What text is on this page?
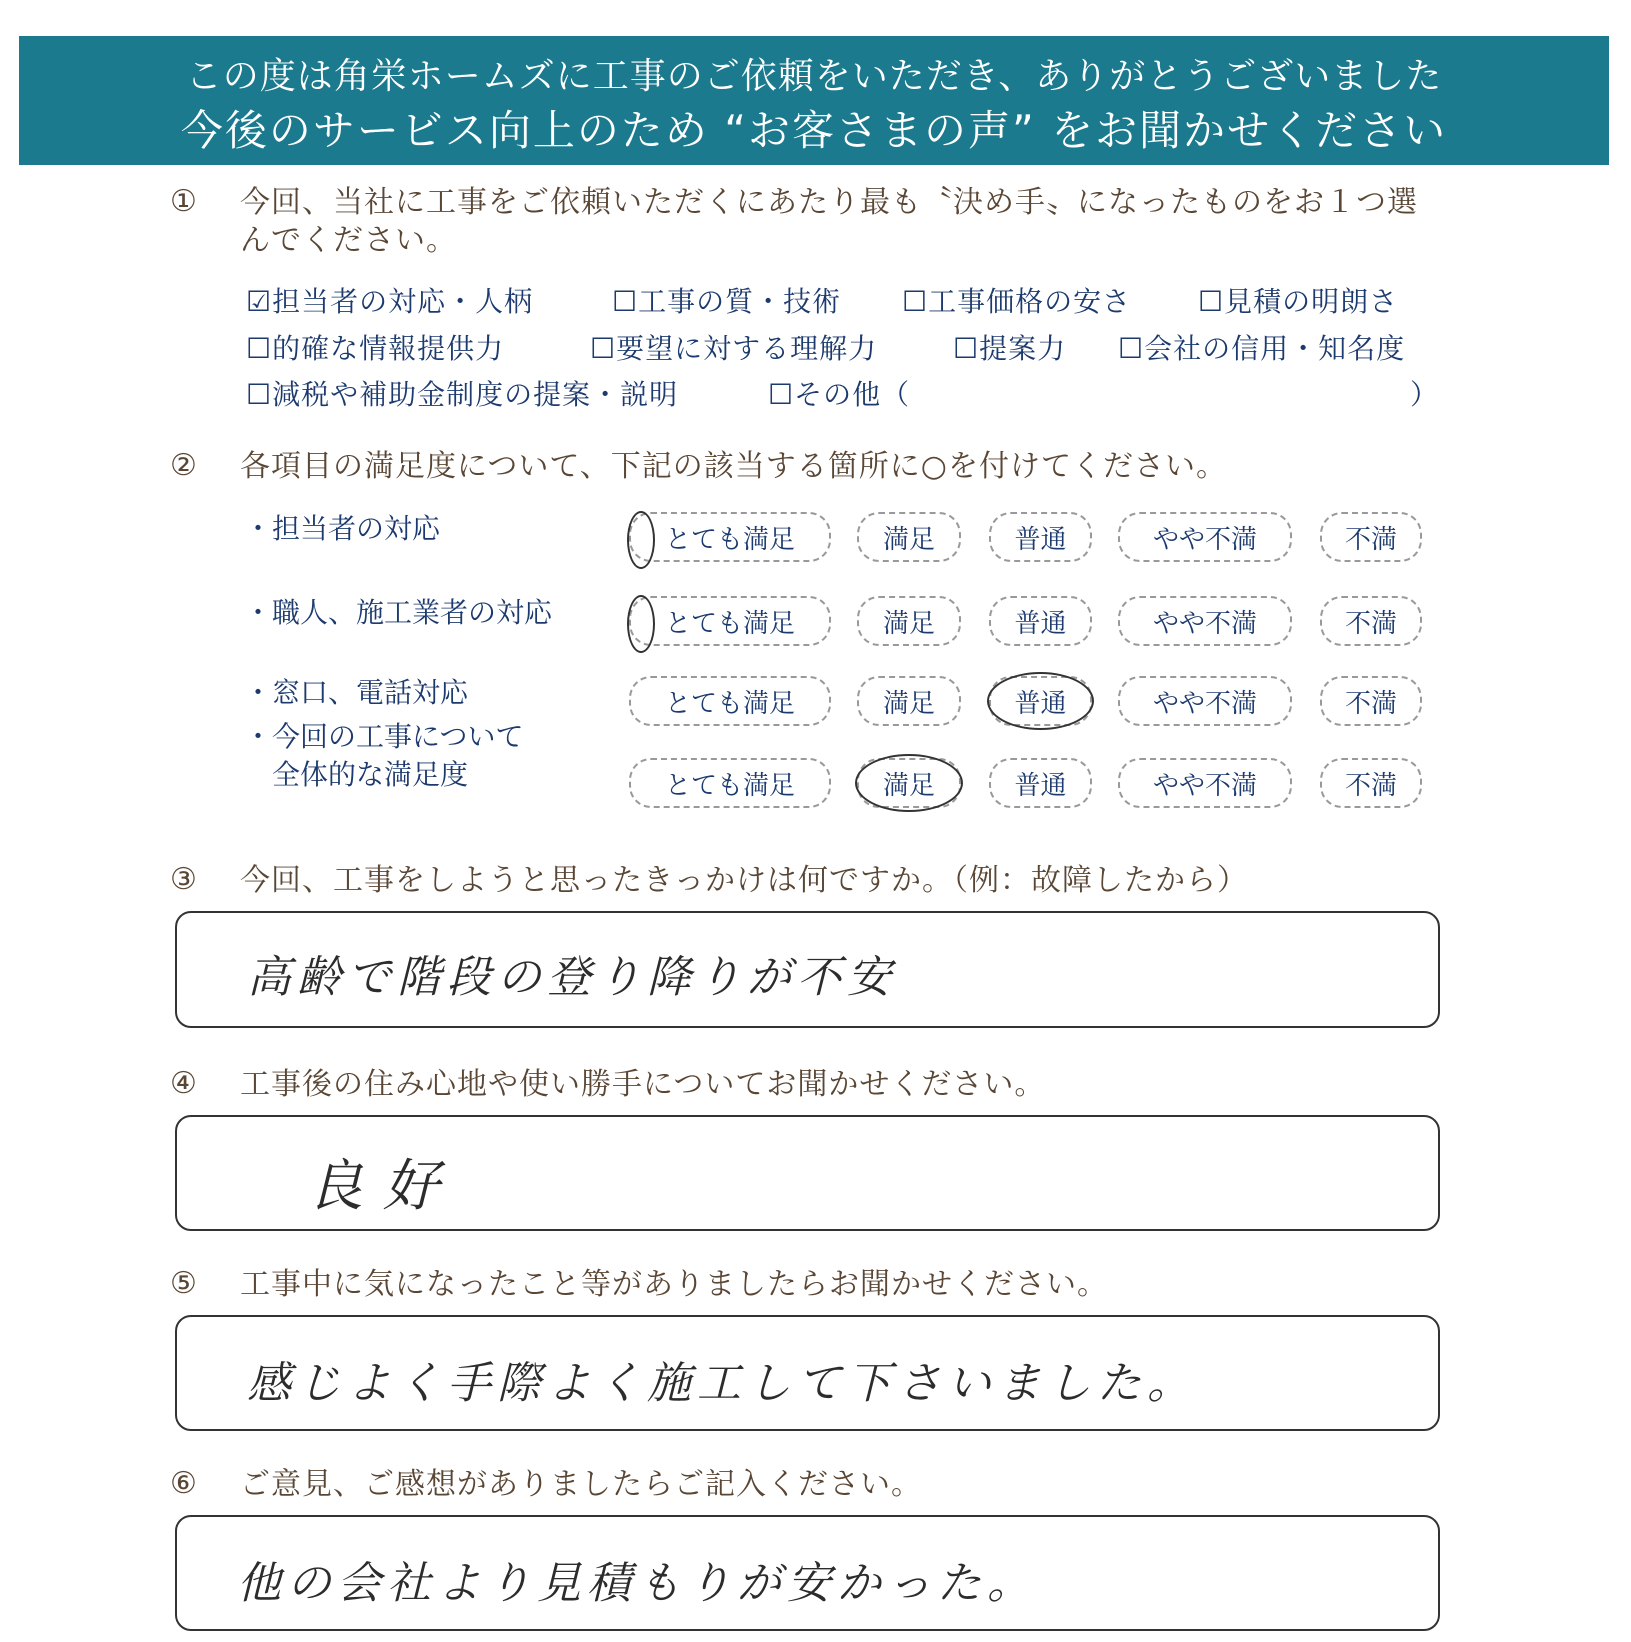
この度は角栄ホームズに工事のご依頼をいただき、ありがとうございました
今後のサービス向上のため “お客さまの声” をお聞かせください
① 今回、当社に工事をご依頼いただくにあたり最も〝決め手〟になったものをお１つ選んでください。
☑担当者の対応・人柄	☐工事の質・技術 ☐工事価格の安さ ☐見積の明朗さ
☐的確な情報提供力	☐要望に対する理解力	☐提案力 ☐会社の信用・知名度
☐減税や補助金制度の提案・説明	☐その他（	）
② 各項目の満足度について、下記の該当する箇所に○を付けてください。
・担当者の対応	とても満足	満足	普通	やや不満	不満
・職人、施工業者の対応	とても満足	満足	普通	やや不満	不満
・窓口、電話対応	とても満足	満足	普通	やや不満	不満
・今回の工事について
　全体的な満足度	とても満足	満足	普通	やや不満	不満
③ 今回、工事をしようと思ったきっかけは何ですか。（例：故障したから）
高齢で階段の登り降りが不安
④ 工事後の住み心地や使い勝手についてお聞かせください。
良好
⑤ 工事中に気になったこと等がありましたらお聞かせください。
感じよく手際よく施工して下さいました。
⑥ ご意見、ご感想がありましたらご記入ください。
他の会社より見積もりが安かった。
